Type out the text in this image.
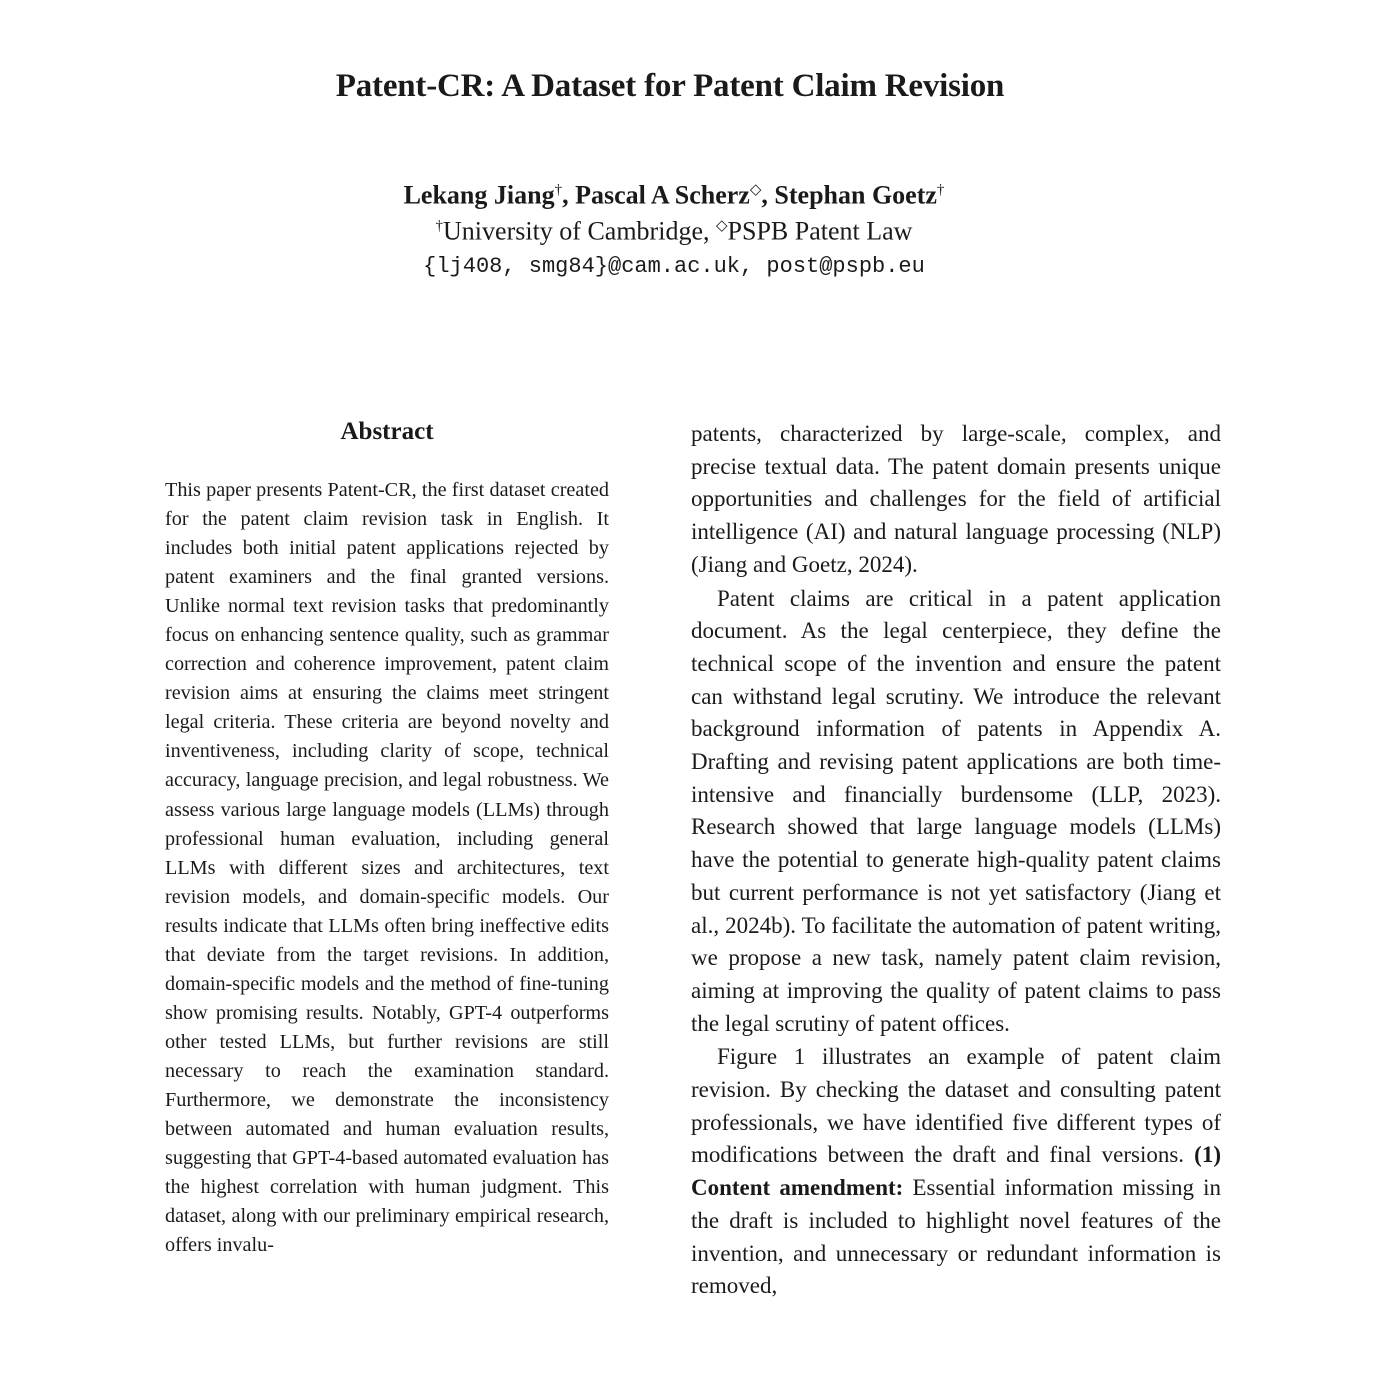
Patent-CR: A Dataset for Patent Claim Revision
Lekang Jiang†, Pascal A Scherz◇, Stephan Goetz†
†University of Cambridge, ◇PSPB Patent Law
{lj408, smg84}@cam.ac.uk, post@pspb.eu
Abstract
This paper presents Patent-CR, the first dataset created for the patent claim revision task in English. It includes both initial patent applications rejected by patent examiners and the final granted versions. Unlike normal text revision tasks that predominantly focus on enhancing sentence quality, such as grammar correction and coherence improvement, patent claim revision aims at ensuring the claims meet stringent legal criteria. These criteria are beyond novelty and inventiveness, including clarity of scope, technical accuracy, language precision, and legal robustness. We assess various large language models (LLMs) through professional human evaluation, including general LLMs with different sizes and architectures, text revision models, and domain-specific models. Our results indicate that LLMs often bring ineffective edits that deviate from the target revisions. In addition, domain-specific models and the method of fine-tuning show promising results. Notably, GPT-4 outperforms other tested LLMs, but further revisions are still necessary to reach the examination standard. Furthermore, we demonstrate the inconsistency between automated and human evaluation results, suggesting that GPT-4-based automated evaluation has the highest correlation with human judgment. This dataset, along with our preliminary empirical research, offers invalu-

patents, characterized by large-scale, complex, and precise textual data. The patent domain presents unique opportunities and challenges for the field of artificial intelligence (AI) and natural language processing (NLP) (Jiang and Goetz, 2024).

Patent claims are critical in a patent application document. As the legal centerpiece, they define the technical scope of the invention and ensure the patent can withstand legal scrutiny. We introduce the relevant background information of patents in Appendix A. Drafting and revising patent applications are both time-intensive and financially burdensome (LLP, 2023). Research showed that large language models (LLMs) have the potential to generate high-quality patent claims but current performance is not yet satisfactory (Jiang et al., 2024b). To facilitate the automation of patent writing, we propose a new task, namely patent claim revision, aiming at improving the quality of patent claims to pass the legal scrutiny of patent offices.

Figure 1 illustrates an example of patent claim revision. By checking the dataset and consulting patent professionals, we have identified five different types of modifications between the draft and final versions. (1) Content amendment: Essential information missing in the draft is included to highlight novel features of the invention, and unnecessary or redundant information is removed,
